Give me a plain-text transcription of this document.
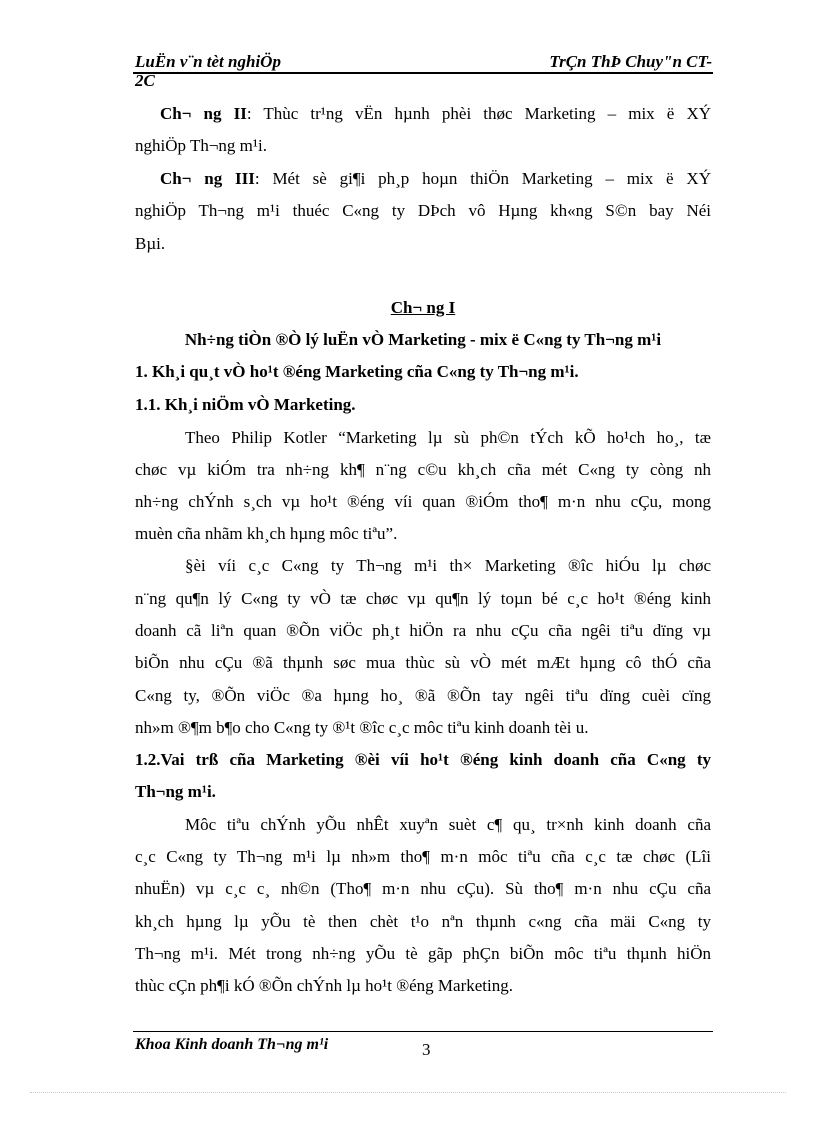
LuËn v¨n tèt nghiÖp	TrÇn ThÞ Chuy"n CT-
2C
Ch¬ ng II: Thùc tr¹ng vËn hµnh phèi thøc Marketing – mix ë XÝ
nghiÖp Th¬ng m¹i.
Ch¬ ng III: Mét sè gi¶i ph¸p hoµn thiÖn Marketing – mix ë XÝ
nghiÖp Th¬ng m¹i thuéc C«ng ty DÞch vô Hµng kh«ng S©n bay Néi
Bµi.
Ch¬ ng I
Nh÷ng tiÒn ®Ò lý luËn vÒ Marketing - mix ë C«ng ty Th¬ng m¹i
1. Kh¸i qu¸t vÒ ho¹t ®éng Marketing cña C«ng ty Th¬ng m¹i.
1.1. Kh¸i niÖm vÒ Marketing.
Theo Philip Kotler “Marketing lµ sù ph©n tÝch kÕ ho¹ch ho¸, tæ
chøc vµ kiÓm tra nh÷ng kh¶ n¨ng c©u kh¸ch cña mét C«ng ty còng nh
nh÷ng chÝnh s¸ch vµ ho¹t ®éng víi quan ®iÓm tho¶ m·n nhu cÇu, mong
muèn cña nhãm kh¸ch hµng môc tiªu”.
§èi víi c¸c C«ng ty Th¬ng m¹i th× Marketing ®îc hiÓu lµ chøc
n¨ng qu¶n lý C«ng ty vÒ tæ chøc vµ qu¶n lý toµn bé c¸c ho¹t ®éng kinh
doanh cã liªn quan ®Õn viÖc ph¸t hiÖn ra nhu cÇu cña ngêi tiªu dïng vµ
biÕn nhu cÇu ®ã thµnh søc mua thùc sù vÒ mét mÆt hµng cô thÓ cña
C«ng ty, ®Õn viÖc ®a hµng ho¸ ®ã ®Õn tay ngêi tiªu dïng cuèi cïng
nh»m ®¶m b¶o cho C«ng ty ®¹t ®îc c¸c môc tiªu kinh doanh tèi u.
1.2.Vai trß cña Marketing ®èi víi ho¹t ®éng kinh doanh cña C«ng ty
Th¬ng m¹i.
Môc tiªu chÝnh yÕu nhÊt xuyªn suèt c¶ qu¸ tr×nh kinh doanh cña
c¸c C«ng ty Th¬ng m¹i lµ nh»m tho¶ m·n môc tiªu cña c¸c tæ chøc (Lîi
nhuËn) vµ c¸c c¸ nh©n (Tho¶ m·n nhu cÇu). Sù tho¶ m·n nhu cÇu cña
kh¸ch hµng lµ yÕu tè then chèt t¹o nªn thµnh c«ng cña mäi C«ng ty
Th¬ng m¹i. Mét trong nh÷ng yÕu tè gãp phÇn biÕn môc tiªu thµnh hiÖn
thùc cÇn ph¶i kÓ ®Õn chÝnh lµ ho¹t ®éng Marketing.
Khoa Kinh doanh Th¬ng m¹i	3
